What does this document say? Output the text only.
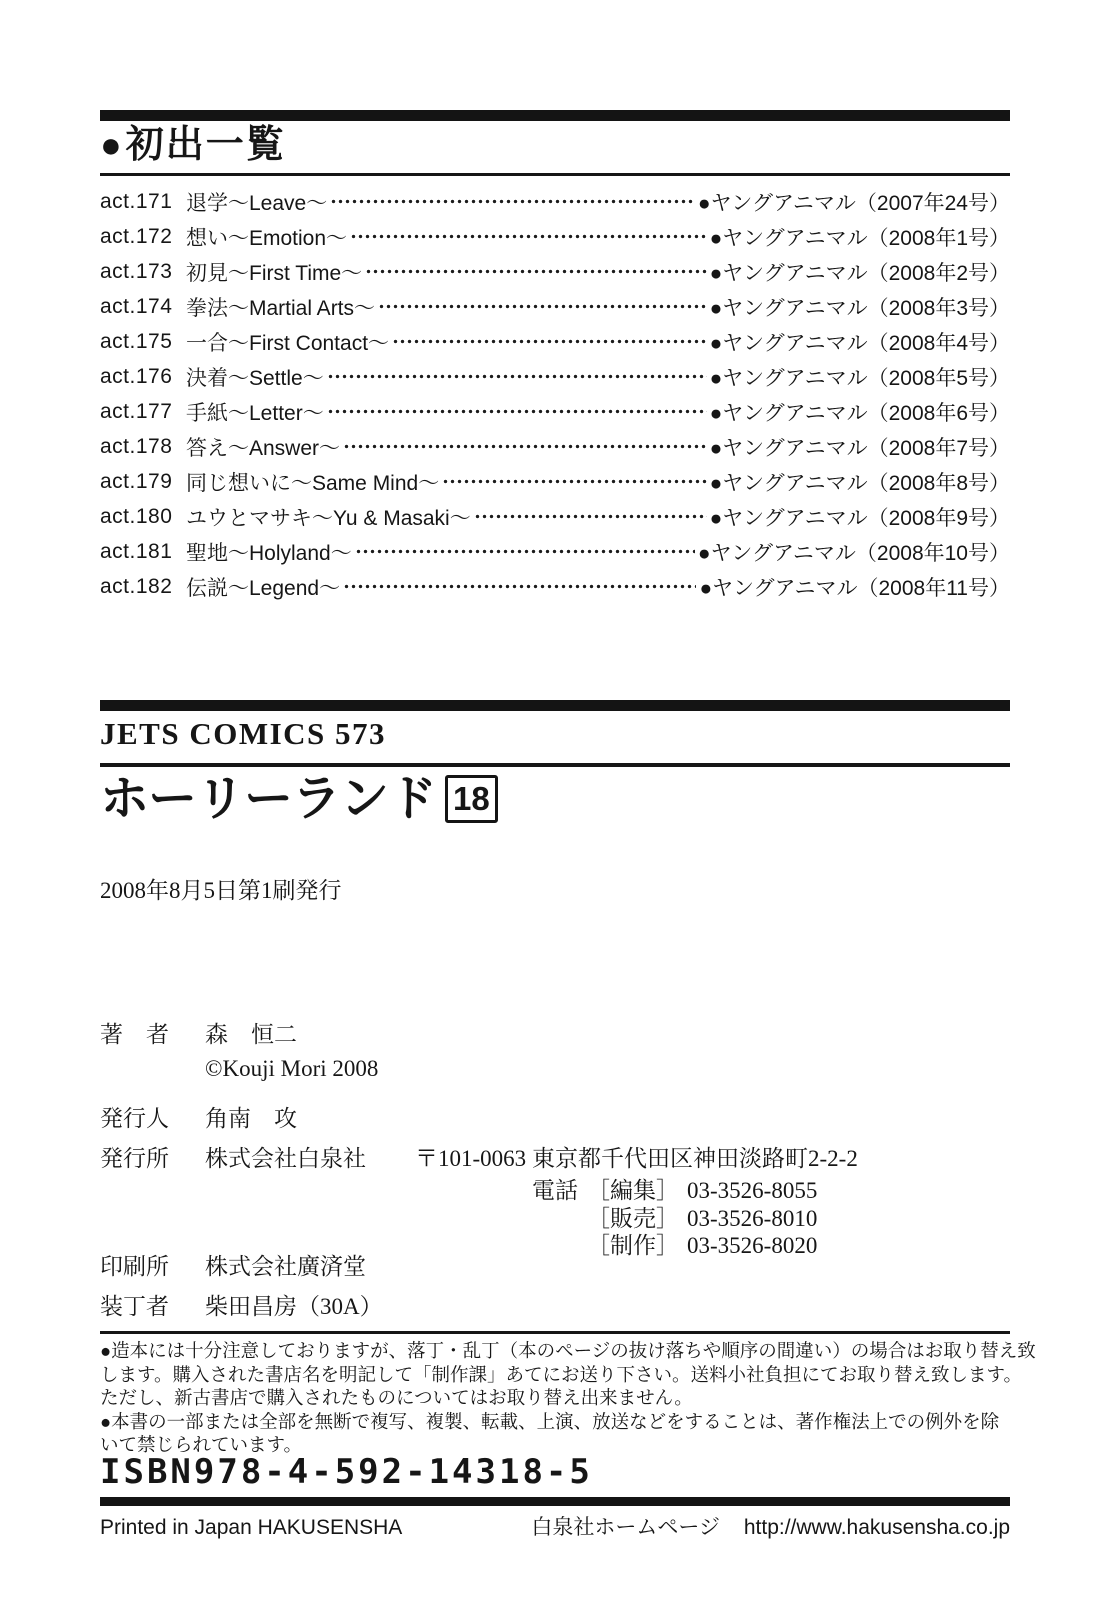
●初出一覧
act.171 退学〜Leave〜	●ヤングアニマル（2007年24号）
act.172 想い〜Emotion〜	●ヤングアニマル（2008年1号）
act.173 初見〜First Time〜	●ヤングアニマル（2008年2号）
act.174 拳法〜Martial Arts〜	●ヤングアニマル（2008年3号）
act.175 一合〜First Contact〜	●ヤングアニマル（2008年4号）
act.176 決着〜Settle〜	●ヤングアニマル（2008年5号）
act.177 手紙〜Letter〜	●ヤングアニマル（2008年6号）
act.178 答え〜Answer〜	●ヤングアニマル（2008年7号）
act.179 同じ想いに〜Same Mind〜	●ヤングアニマル（2008年8号）
act.180 ユウとマサキ〜Yu & Masaki〜	●ヤングアニマル（2008年9号）
act.181 聖地〜Holyland〜	●ヤングアニマル（2008年10号）
act.182 伝説〜Legend〜	●ヤングアニマル（2008年11号）
JETS COMICS 573
ホーリーランド 18
2008年8月5日第1刷発行
著　者	森　恒二
©Kouji Mori 2008
発行人	角南　攻
発行所	株式会社白泉社	〒101-0063 東京都千代田区神田淡路町2-2-2
電話 ［編集］ 03-3526-8055
［販売］ 03-3526-8010
［制作］ 03-3526-8020
印刷所	株式会社廣済堂
装丁者	柴田昌房（30A）
●造本には十分注意しておりますが、落丁・乱丁（本のページの抜け落ちや順序の間違い）の場合はお取り替え致
します。購入された書店名を明記して「制作課」あてにお送り下さい。送料小社負担にてお取り替え致します。
ただし、新古書店で購入されたものについてはお取り替え出来ません。
●本書の一部または全部を無断で複写、複製、転載、上演、放送などをすることは、著作権法上での例外を除
いて禁じられています。
ISBN978-4-592-14318-5
Printed in Japan HAKUSENSHA	白泉社ホームページ http://www.hakusensha.co.jp
